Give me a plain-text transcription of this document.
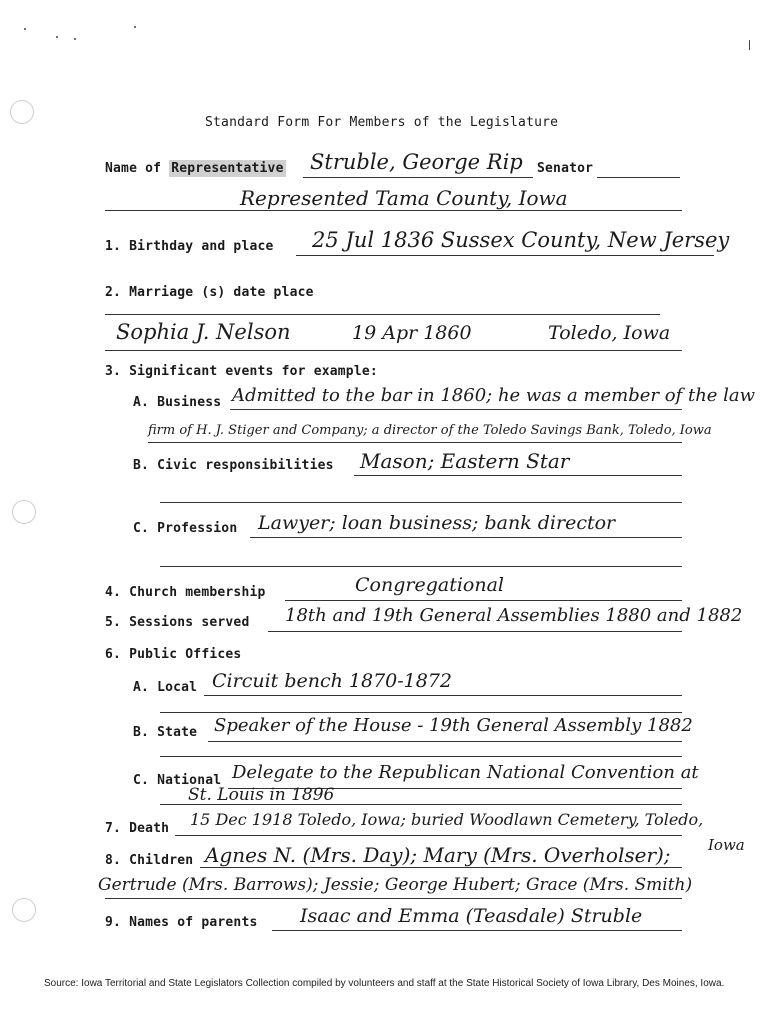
Standard Form For Members of the Legislature
Name of Representative Struble, George Rip Senator
Represented Tama County, Iowa
1. Birthday and place 25 Jul 1836 Sussex County, New Jersey
2. Marriage (s) date place
Sophia J. Nelson	19 Apr 1860	Toledo, Iowa
3. Significant events for example:
A. Business Admitted to the bar in 1860; he was a member of the law
firm of H. J. Stiger and Company; a director of the Toledo Savings Bank, Toledo, Iowa
B. Civic responsibilities Mason; Eastern Star
C. Profession Lawyer; loan business; bank director
4. Church membership	Congregational
5. Sessions served 18th and 19th General Assemblies 1880 and 1882
6. Public Offices
A. Local Circuit bench 1870-1872
B. State Speaker of the House - 19th General Assembly 1882
C. National Delegate to the Republican National Convention at
St. Louis in 1896
7. Death 15 Dec 1918 Toledo, Iowa; buried Woodlawn Cemetery, Toledo,
Iowa
8. Children Agnes N. (Mrs. Day); Mary (Mrs. Overholser);
Gertrude (Mrs. Barrows); Jessie; George Hubert; Grace (Mrs. Smith)
9. Names of parents Isaac and Emma (Teasdale) Struble
Source: Iowa Territorial and State Legislators Collection compiled by volunteers and staff at the State Historical Society of Iowa Library, Des Moines, Iowa.
